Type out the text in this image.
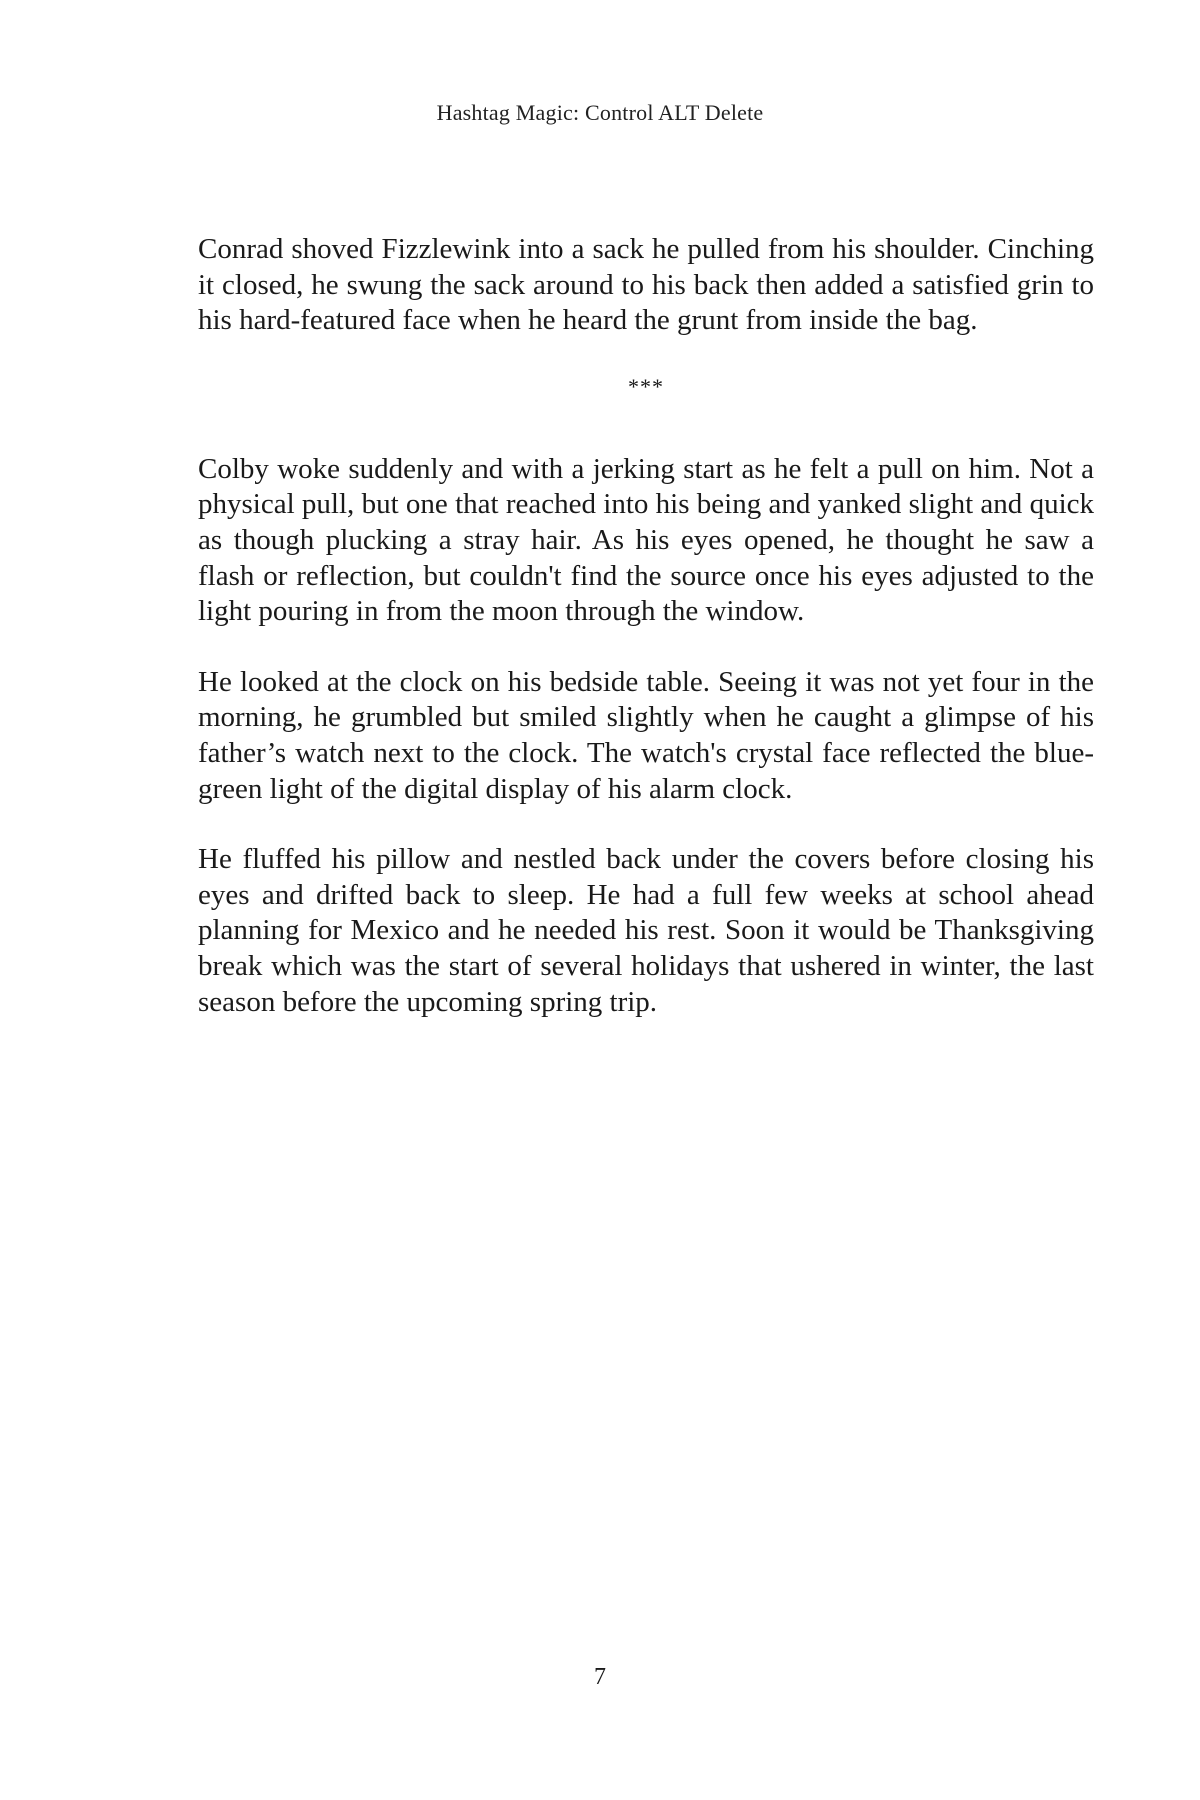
Hashtag Magic: Control ALT Delete

Conrad shoved Fizzlewink into a sack he pulled from his shoulder. Cinching it closed, he swung the sack around to his back then added a satisfied grin to his hard-featured face when he heard the grunt from inside the bag.

***

Colby woke suddenly and with a jerking start as he felt a pull on him. Not a physical pull, but one that reached into his being and yanked slight and quick as though plucking a stray hair. As his eyes opened, he thought he saw a flash or reflection, but couldn't find the source once his eyes adjusted to the light pouring in from the moon through the window.

He looked at the clock on his bedside table. Seeing it was not yet four in the morning, he grumbled but smiled slightly when he caught a glimpse of his father’s watch next to the clock. The watch's crystal face reflected the blue-green light of the digital display of his alarm clock.

He fluffed his pillow and nestled back under the covers before closing his eyes and drifted back to sleep. He had a full few weeks at school ahead planning for Mexico and he needed his rest. Soon it would be Thanksgiving break which was the start of several holidays that ushered in winter, the last season before the upcoming spring trip.

7
